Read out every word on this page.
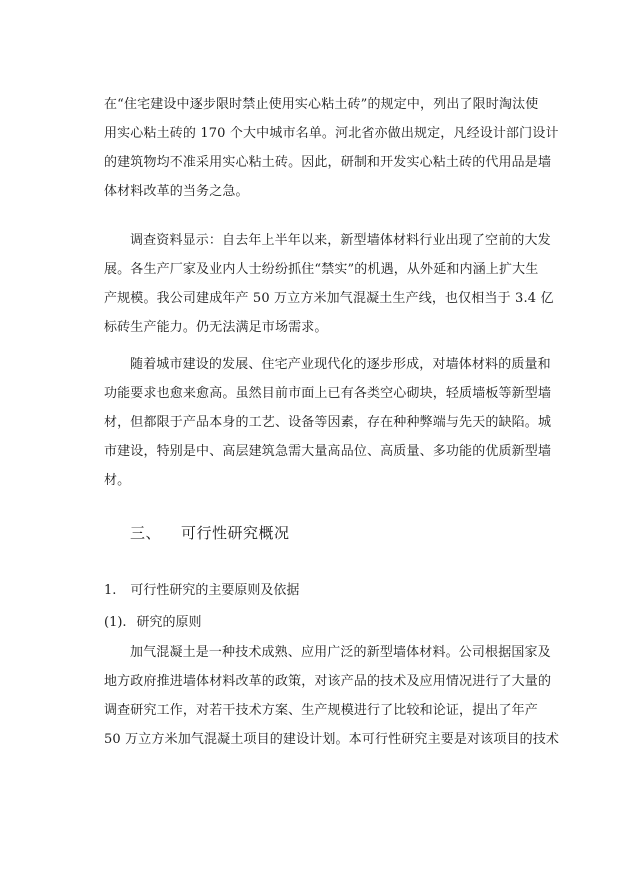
在“住宅建设中逐步限时禁止使用实心粘土砖”的规定中，列出了限时淘汰使
用实心粘土砖的 170 个大中城市名单。河北省亦做出规定，凡经设计部门设计
的建筑物均不准采用实心粘土砖。因此，研制和开发实心粘土砖的代用品是墙
体材料改革的当务之急。

调查资料显示：自去年上半年以来，新型墙体材料行业出现了空前的大发
展。各生产厂家及业内人士纷纷抓住“禁实”的机遇，从外延和内涵上扩大生
产规模。我公司建成年产 50 万立方米加气混凝土生产线，也仅相当于 3.4 亿
标砖生产能力。仍无法满足市场需求。

随着城市建设的发展、住宅产业现代化的逐步形成，对墙体材料的质量和
功能要求也愈来愈高。虽然目前市面上已有各类空心砌块，轻质墙板等新型墙
材，但都限于产品本身的工艺、设备等因素，存在种种弊端与先天的缺陷。城
市建设，特别是中、高层建筑急需大量高品位、高质量、多功能的优质新型墙
材。

三、 可行性研究概况

1. 可行性研究的主要原则及依据

(1). 研究的原则

加气混凝土是一种技术成熟、应用广泛的新型墙体材料。公司根据国家及
地方政府推进墙体材料改革的政策，对该产品的技术及应用情况进行了大量的
调查研究工作，对若干技术方案、生产规模进行了比较和论证，提出了年产
50 万立方米加气混凝土项目的建设计划。本可行性研究主要是对该项目的技术
